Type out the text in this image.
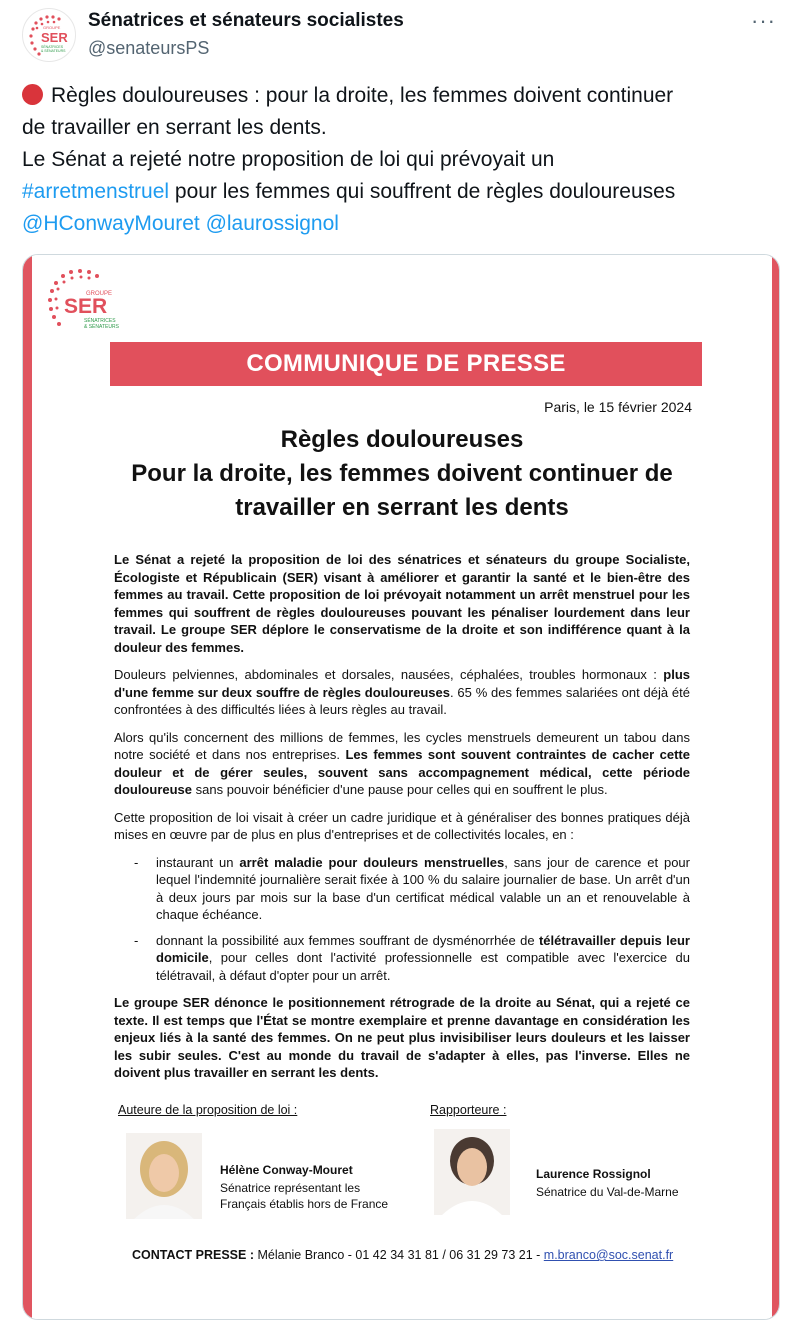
SER
GROUPE
SÉNATRICES
& SÉNATEURS
Sénatrices et sénateurs socialistes
@senateursPS
···
Règles douloureuses : pour la droite, les femmes doivent continuer
de travailler en serrant les dents.
Le Sénat a rejeté notre proposition de loi qui prévoyait un
#arretmenstruel pour les femmes qui souffrent de règles douloureuses
@HConwayMouret @laurossignol
GROUPE
SER
SÉNATRICES
& SÉNATEURS
COMMUNIQUE DE PRESSE
Paris, le 15 février 2024
Règles douloureuses
Pour la droite, les femmes doivent continuer de
travailler en serrant les dents

Le Sénat a rejeté la proposition de loi des sénatrices et sénateurs du groupe Socialiste, Écologiste et Républicain (SER) visant à améliorer et garantir la santé et le bien-être des femmes au travail. Cette proposition de loi prévoyait notamment un arrêt menstruel pour les femmes qui souffrent de règles douloureuses pouvant les pénaliser lourdement dans leur travail. Le groupe SER déplore le conservatisme de la droite et son indifférence quant à la douleur des femmes.

Douleurs pelviennes, abdominales et dorsales, nausées, céphalées, troubles hormonaux : plus d'une femme sur deux souffre de règles douloureuses. 65 % des femmes salariées ont déjà été confrontées à des difficultés liées à leurs règles au travail.

Alors qu'ils concernent des millions de femmes, les cycles menstruels demeurent un tabou dans notre société et dans nos entreprises. Les femmes sont souvent contraintes de cacher cette douleur et de gérer seules, souvent sans accompagnement médical, cette période douloureuse sans pouvoir bénéficier d'une pause pour celles qui en souffrent le plus.

Cette proposition de loi visait à créer un cadre juridique et à généraliser des bonnes pratiques déjà mises en œuvre par de plus en plus d'entreprises et de collectivités locales, en :

- instaurant un arrêt maladie pour douleurs menstruelles, sans jour de carence et pour lequel l'indemnité journalière serait fixée à 100 % du salaire journalier de base. Un arrêt d'un à deux jours par mois sur la base d'un certificat médical valable un an et renouvelable à chaque échéance.
- donnant la possibilité aux femmes souffrant de dysménorrhée de télétravailler depuis leur domicile, pour celles dont l'activité professionnelle est compatible avec l'exercice du télétravail, à défaut d'opter pour un arrêt.

Le groupe SER dénonce le positionnement rétrograde de la droite au Sénat, qui a rejeté ce texte. Il est temps que l'État se montre exemplaire et prenne davantage en considération les enjeux liés à la santé des femmes. On ne peut plus invisibiliser leurs douleurs et les laisser les subir seules. C'est au monde du travail de s'adapter à elles, pas l'inverse. Elles ne doivent plus travailler en serrant les dents.

Auteure de la proposition de loi :
Hélène Conway-Mouret
Sénatrice représentant les
Français établis hors de France
Rapporteure :
Laurence Rossignol
Sénatrice du Val-de-Marne
CONTACT PRESSE : Mélanie Branco - 01 42 34 31 81 / 06 31 29 73 21 - m.branco@soc.senat.fr
